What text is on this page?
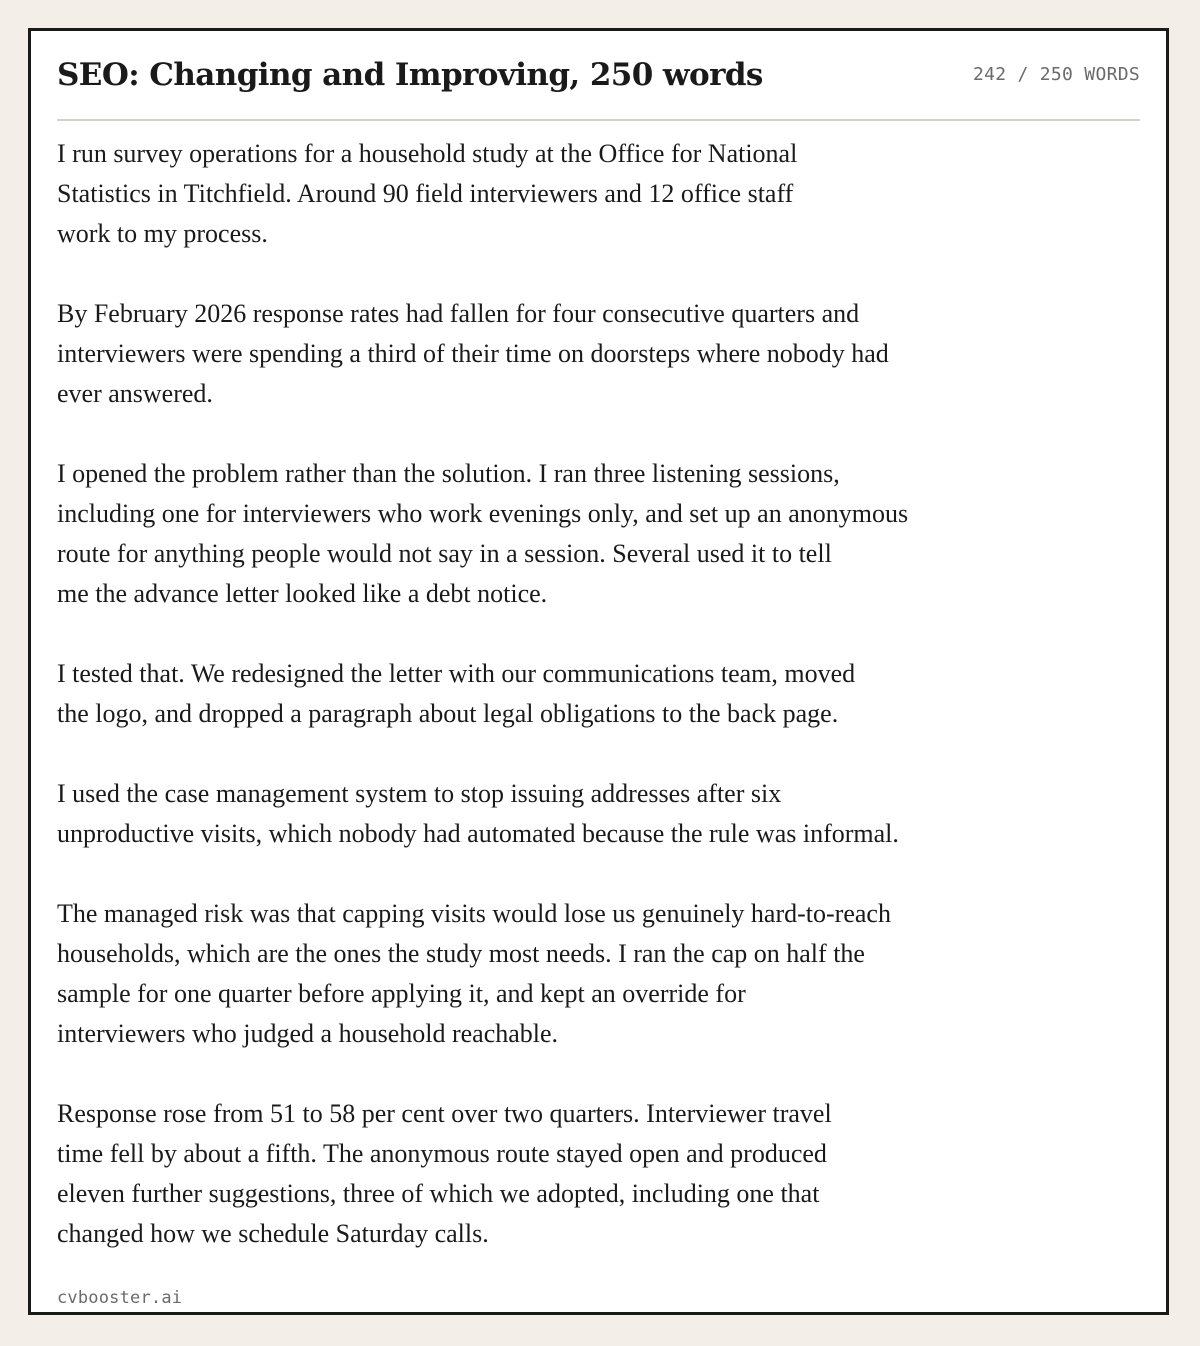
SEO: Changing and Improving, 250 words	242 / 250 WORDS

I run survey operations for a household study at the Office for National
Statistics in Titchfield. Around 90 field interviewers and 12 office staff
work to my process.

By February 2026 response rates had fallen for four consecutive quarters and
interviewers were spending a third of their time on doorsteps where nobody had
ever answered.

I opened the problem rather than the solution. I ran three listening sessions,
including one for interviewers who work evenings only, and set up an anonymous
route for anything people would not say in a session. Several used it to tell
me the advance letter looked like a debt notice.

I tested that. We redesigned the letter with our communications team, moved
the logo, and dropped a paragraph about legal obligations to the back page.

I used the case management system to stop issuing addresses after six
unproductive visits, which nobody had automated because the rule was informal.

The managed risk was that capping visits would lose us genuinely hard-to-reach
households, which are the ones the study most needs. I ran the cap on half the
sample for one quarter before applying it, and kept an override for
interviewers who judged a household reachable.

Response rose from 51 to 58 per cent over two quarters. Interviewer travel
time fell by about a fifth. The anonymous route stayed open and produced
eleven further suggestions, three of which we adopted, including one that
changed how we schedule Saturday calls.

cvbooster.ai
